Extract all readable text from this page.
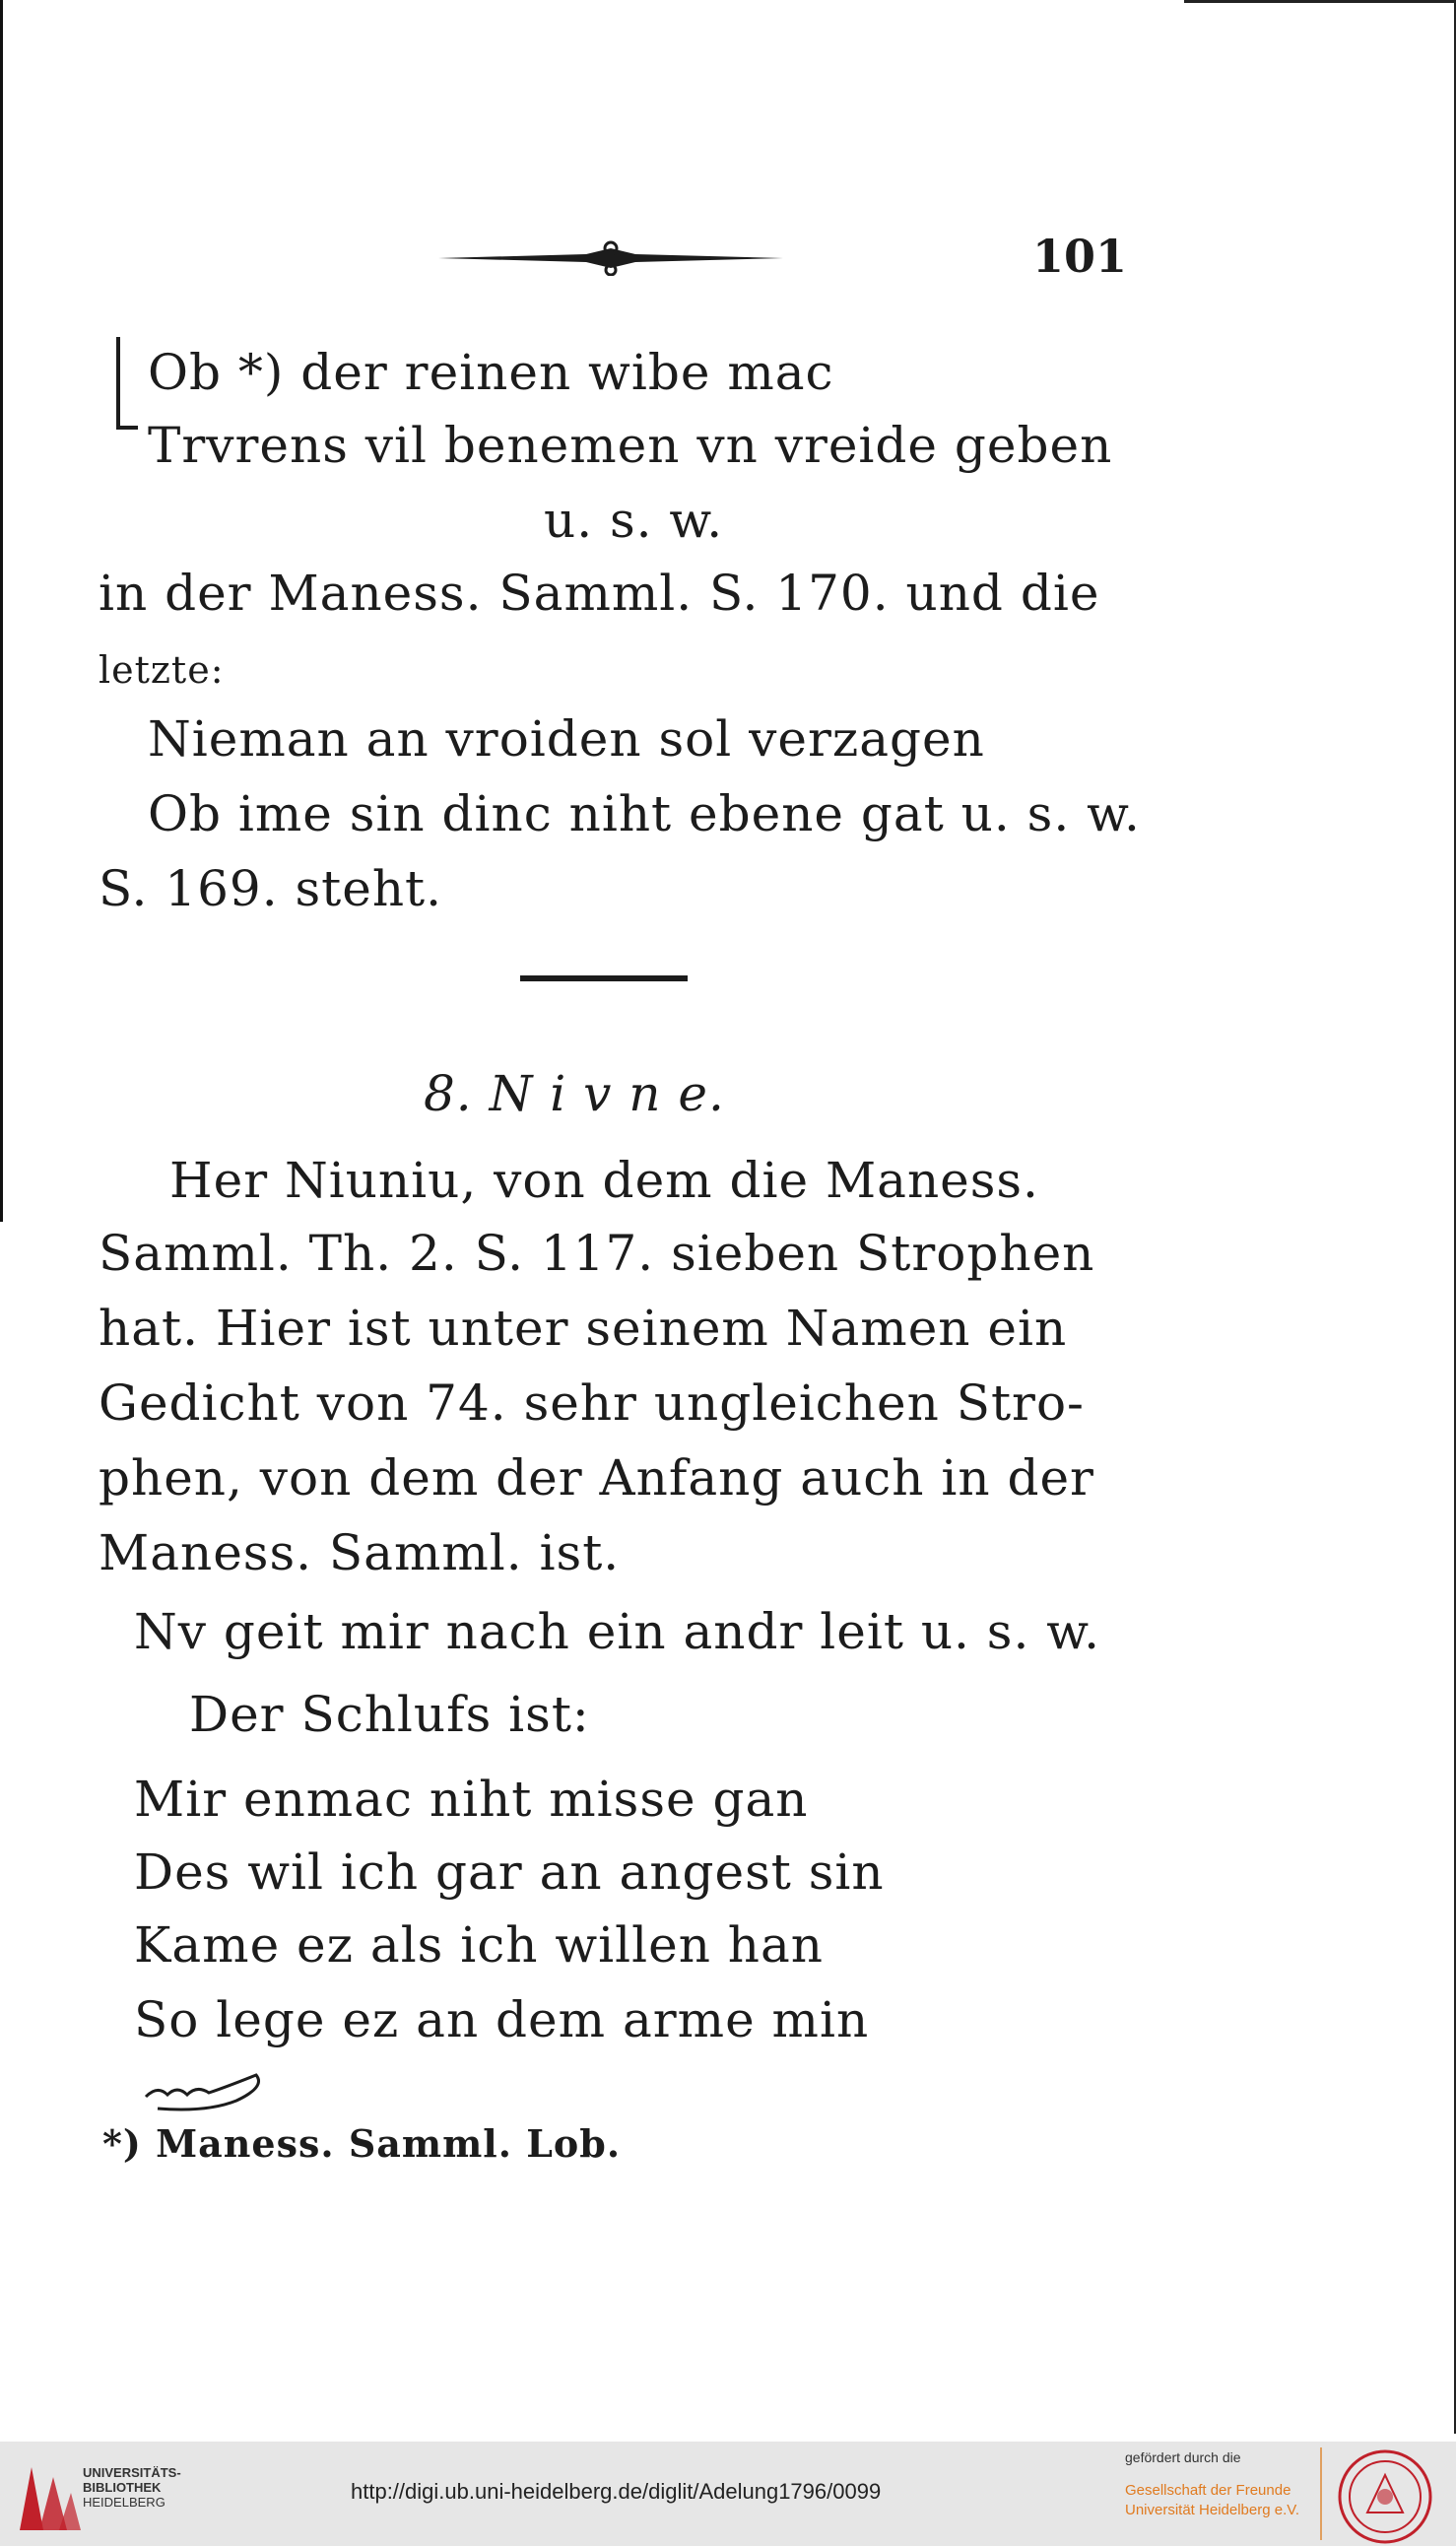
101
Ob *) der reinen wibe mac
Trvrens vil benemen vn vreide geben
u. s. w.
in der Maness. Samml. S. 170. und die
letzte:
Nieman an vroiden sol verzagen
Ob ime sin dinc niht ebene gat u. s. w.
S. 169. steht.
8. N i v n e.
Her Niuniu, von dem die Maness.
Samml. Th. 2. S. 117. sieben Strophen
hat. Hier ist unter seinem Namen ein
Gedicht von 74. sehr ungleichen Stro-
phen, von dem der Anfang auch in der
Maness. Samml. ist.
Nv geit mir nach ein andr leit u. s. w.
Der Schlufs ist:
Mir enmac niht misse gan
Des wil ich gar an angest sin
Kame ez als ich willen han
So lege ez an dem arme min
*) Maness. Samml. Lob.
UNIVERSITÄTS-
BIBLIOTHEK
HEIDELBERG	http://digi.ub.uni-heidelberg.de/diglit/Adelung1796/0099
gefördert durch die
Gesellschaft der Freunde
Universität Heidelberg e.V.
